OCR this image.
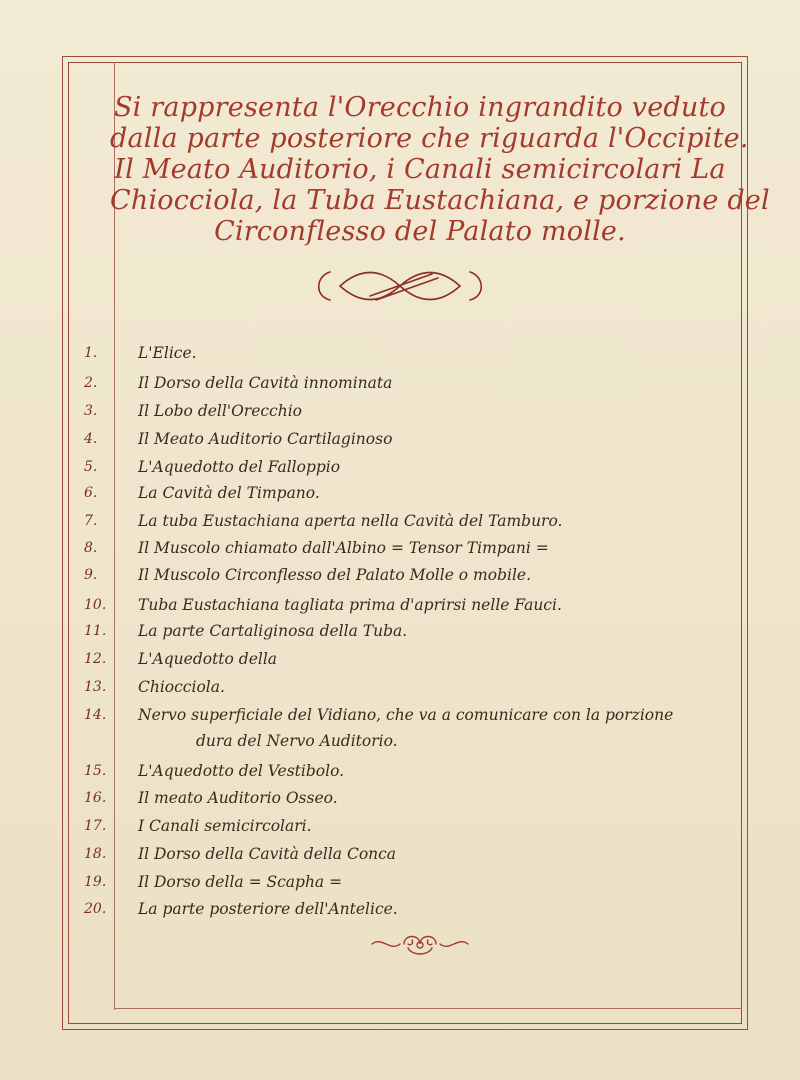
Si rappresenta l'Orecchio ingrandito veduto
dalla parte posteriore che riguarda l'Occipite.
Il Meato Auditorio, i Canali semicircolari La
Chiocciola, la Tuba Eustachiana, e porzione del
Circonflesso del Palato molle.
1.	L'Elice.
2.	Il Dorso della Cavità innominata
3.	Il Lobo dell'Orecchio
4.	Il Meato Auditorio Cartilaginoso
5.	L'Aquedotto del Falloppio
6.	La Cavità del Timpano.
7.	La tuba Eustachiana aperta nella Cavità del Tamburo.
8.	Il Muscolo chiamato dall'Albino = Tensor Timpani =
9.	Il Muscolo Circonflesso del Palato Molle o mobile.
10.	Tuba Eustachiana tagliata prima d'aprirsi nelle Fauci.
11.	La parte Cartaliginosa della Tuba.
12.	L'Aquedotto della
13.	Chiocciola.
14.	Nervo superficiale del Vidiano, che va a comunicare con la porzione
dura del Nervo Auditorio.
15.	L'Aquedotto del Vestibolo.
16.	Il meato Auditorio Osseo.
17.	I Canali semicircolari.
18.	Il Dorso della Cavità della Conca
19.	Il Dorso della = Scapha =
20.	La parte posteriore dell'Antelice.
